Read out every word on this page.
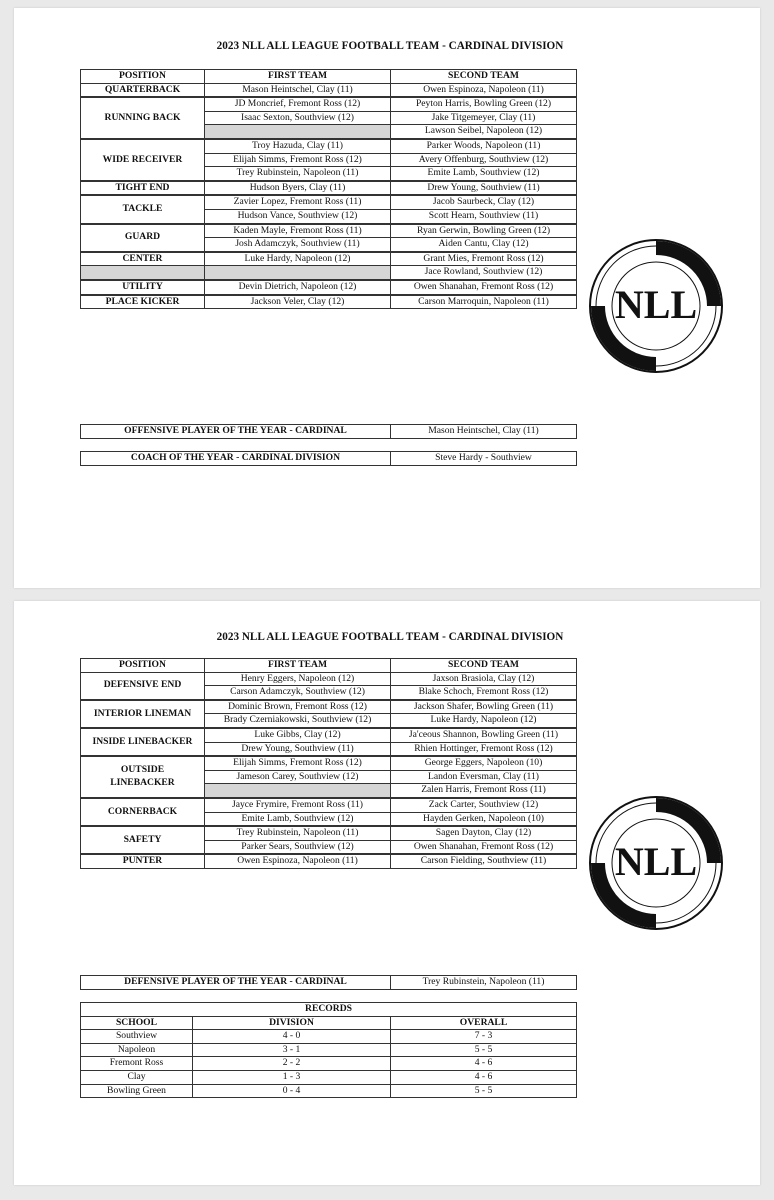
2023 NLL ALL LEAGUE FOOTBALL TEAM - CARDINAL DIVISION
POSITION	FIRST TEAM	SECOND TEAM
QUARTERBACK	Mason Heintschel, Clay (11)	Owen Espinoza, Napoleon (11)

RUNNING BACK	JD Moncrief, Fremont Ross (12)	Peyton Harris, Bowling Green (12)
	Isaac Sexton, Southview (12)	Jake Titgemeyer, Clay (11)
		Lawson Seibel, Napoleon (12)

WIDE RECEIVER	Troy Hazuda, Clay (11)	Parker Woods, Napoleon (11)
	Elijah Simms, Fremont Ross (12)	Avery Offenburg, Southview (12)
	Trey Rubinstein, Napoleon (11)	Emite Lamb, Southview (12)

TIGHT END	Hudson Byers, Clay (11)	Drew Young, Southview (11)

TACKLE	Zavier Lopez, Fremont Ross (11)	Jacob Saurbeck, Clay (12)
	Hudson Vance, Southview (12)	Scott Hearn, Southview (11)

GUARD	Kaden Mayle, Fremont Ross (11)	Ryan Gerwin, Bowling Green (12)
	Josh Adamczyk, Southview (11)	Aiden Cantu, Clay (12)

CENTER	Luke Hardy, Napoleon (12)	Grant Mies, Fremont Ross (12)
		Jace Rowland, Southview (12)

UTILITY	Devin Dietrich, Napoleon (12)	Owen Shanahan, Fremont Ross (12)

PLACE KICKER	Jackson Veler, Clay (12)	Carson Marroquin, Napoleon (11)
OFFENSIVE PLAYER OF THE YEAR - CARDINAL	Mason Heintschel, Clay (11)
COACH OF THE YEAR - CARDINAL DIVISION	Steve Hardy - Southview
NLL
2023 NLL ALL LEAGUE FOOTBALL TEAM - CARDINAL DIVISION
POSITION	FIRST TEAM	SECOND TEAM
DEFENSIVE END	Henry Eggers, Napoleon (12)	Jaxson Brasiola, Clay (12)
	Carson Adamczyk, Southview (12)	Blake Schoch, Fremont Ross (12)

INTERIOR LINEMAN	Dominic Brown, Fremont Ross (12)	Jackson Shafer, Bowling Green (11)
	Brady Czerniakowski, Southview (12)	Luke Hardy, Napoleon (12)

INSIDE LINEBACKER	Luke Gibbs, Clay (12)	Ja'ceous Shannon, Bowling Green (11)
	Drew Young, Southview (11)	Rhien Hottinger, Fremont Ross (12)

OUTSIDE LINEBACKER	Elijah Simms, Fremont Ross (12)	George Eggers, Napoleon (10)
	Jameson Carey, Southview (12)	Landon Eversman, Clay (11)
		Zalen Harris, Fremont Ross (11)

CORNERBACK	Jayce Frymire, Fremont Ross (11)	Zack Carter, Southview (12)
	Emite Lamb, Southview (12)	Hayden Gerken, Napoleon (10)

SAFETY	Trey Rubinstein, Napoleon (11)	Sagen Dayton, Clay (12)
	Parker Sears, Southview (12)	Owen Shanahan, Fremont Ross (12)

PUNTER	Owen Espinoza, Napoleon (11)	Carson Fielding, Southview (11)
DEFENSIVE PLAYER OF THE YEAR - CARDINAL	Trey Rubinstein, Napoleon (11)
RECORDS		
SCHOOL	DIVISION	OVERALL
Southview	4 - 0	7 - 3
Napoleon	3 - 1	5 - 5
Fremont Ross	2 - 2	4 - 6
Clay	1 - 3	4 - 6
Bowling Green	0 - 4	5 - 5
NLL
